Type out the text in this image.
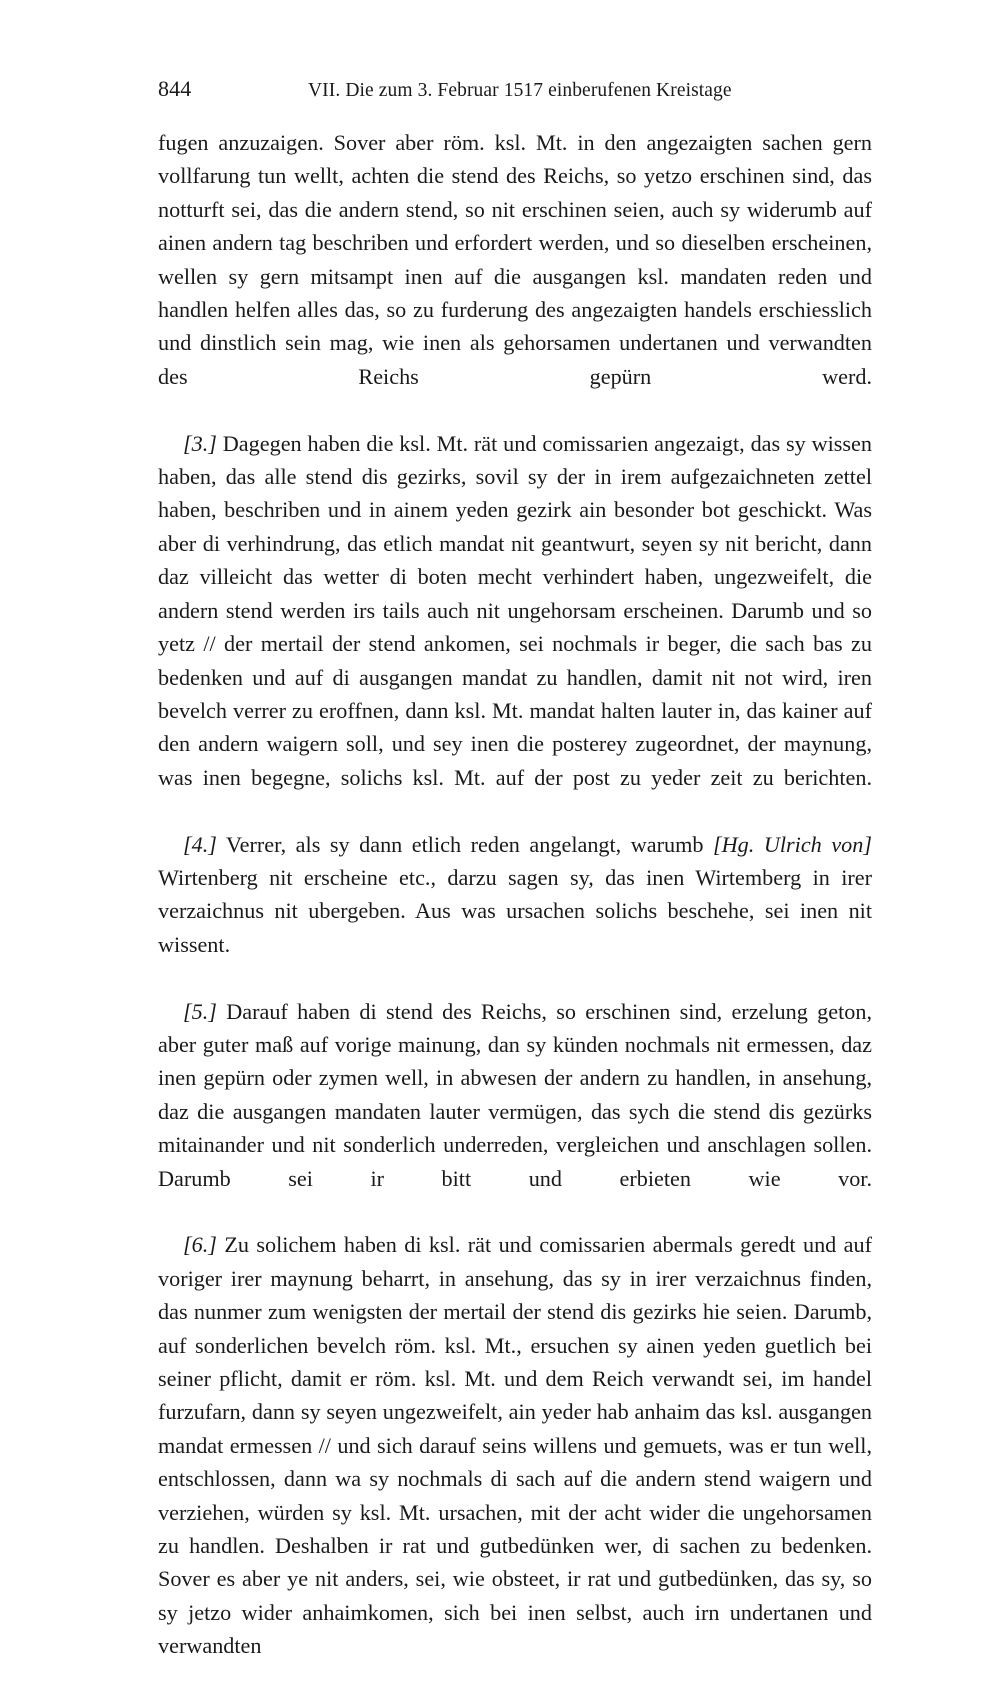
844	VII. Die zum 3. Februar 1517 einberufenen Kreistage

fugen anzuzaigen. Sover aber röm. ksl. Mt. in den angezaigten sachen gern vollfarung tun wellt, achten die stend des Reichs, so yetzo erschinen sind, das notturft sei, das die andern stend, so nit erschinen seien, auch sy widerumb auf ainen andern tag beschriben und erfordert werden, und so dieselben erscheinen, wellen sy gern mitsampt inen auf die ausgangen ksl. mandaten reden und handlen helfen alles das, so zu furderung des angezaigten handels erschiesslich und dinstlich sein mag, wie inen als gehorsamen undertanen und verwandten des Reichs gepürn werd.

[3.] Dagegen haben die ksl. Mt. rät und comissarien angezaigt, das sy wissen haben, das alle stend dis gezirks, sovil sy der in irem aufgezaichneten zettel haben, beschriben und in ainem yeden gezirk ain besonder bot geschickt. Was aber di verhindrung, das etlich mandat nit geantwurt, seyen sy nit bericht, dann daz villeicht das wetter di boten mecht verhindert haben, ungezweifelt, die andern stend werden irs tails auch nit ungehorsam erscheinen. Darumb und so yetz // der mertail der stend ankomen, sei nochmals ir beger, die sach bas zu bedenken und auf di ausgangen mandat zu handlen, damit nit not wird, iren bevelch verrer zu eroffnen, dann ksl. Mt. mandat halten lauter in, das kainer auf den andern waigern soll, und sey inen die posterey zugeordnet, der maynung, was inen begegne, solichs ksl. Mt. auf der post zu yeder zeit zu berichten.

[4.] Verrer, als sy dann etlich reden angelangt, warumb [Hg. Ulrich von] Wirtenberg nit erscheine etc., darzu sagen sy, das inen Wirtemberg in irer verzaichnus nit ubergeben. Aus was ursachen solichs beschehe, sei inen nit wissent.

[5.] Darauf haben di stend des Reichs, so erschinen sind, erzelung geton, aber guter maß auf vorige mainung, dan sy künden nochmals nit ermessen, daz inen gepürn oder zymen well, in abwesen der andern zu handlen, in ansehung, daz die ausgangen mandaten lauter vermügen, das sych die stend dis gezürks mitainander und nit sonderlich underreden, vergleichen und anschlagen sollen. Darumb sei ir bitt und erbieten wie vor.

[6.] Zu solichem haben di ksl. rät und comissarien abermals geredt und auf voriger irer maynung beharrt, in ansehung, das sy in irer verzaichnus finden, das nunmer zum wenigsten der mertail der stend dis gezirks hie seien. Darumb, auf sonderlichen bevelch röm. ksl. Mt., ersuchen sy ainen yeden guetlich bei seiner pflicht, damit er röm. ksl. Mt. und dem Reich verwandt sei, im handel furzufarn, dann sy seyen ungezweifelt, ain yeder hab anhaim das ksl. ausgangen mandat ermessen // und sich darauf seins willens und gemuets, was er tun well, entschlossen, dann wa sy nochmals di sach auf die andern stend waigern und verziehen, würden sy ksl. Mt. ursachen, mit der acht wider die ungehorsamen zu handlen. Deshalben ir rat und gutbedünken wer, di sachen zu bedenken. Sover es aber ye nit anders, sei, wie obsteet, ir rat und gutbedünken, das sy, so sy jetzo wider anhaimkomen, sich bei inen selbst, auch irn undertanen und verwandten
